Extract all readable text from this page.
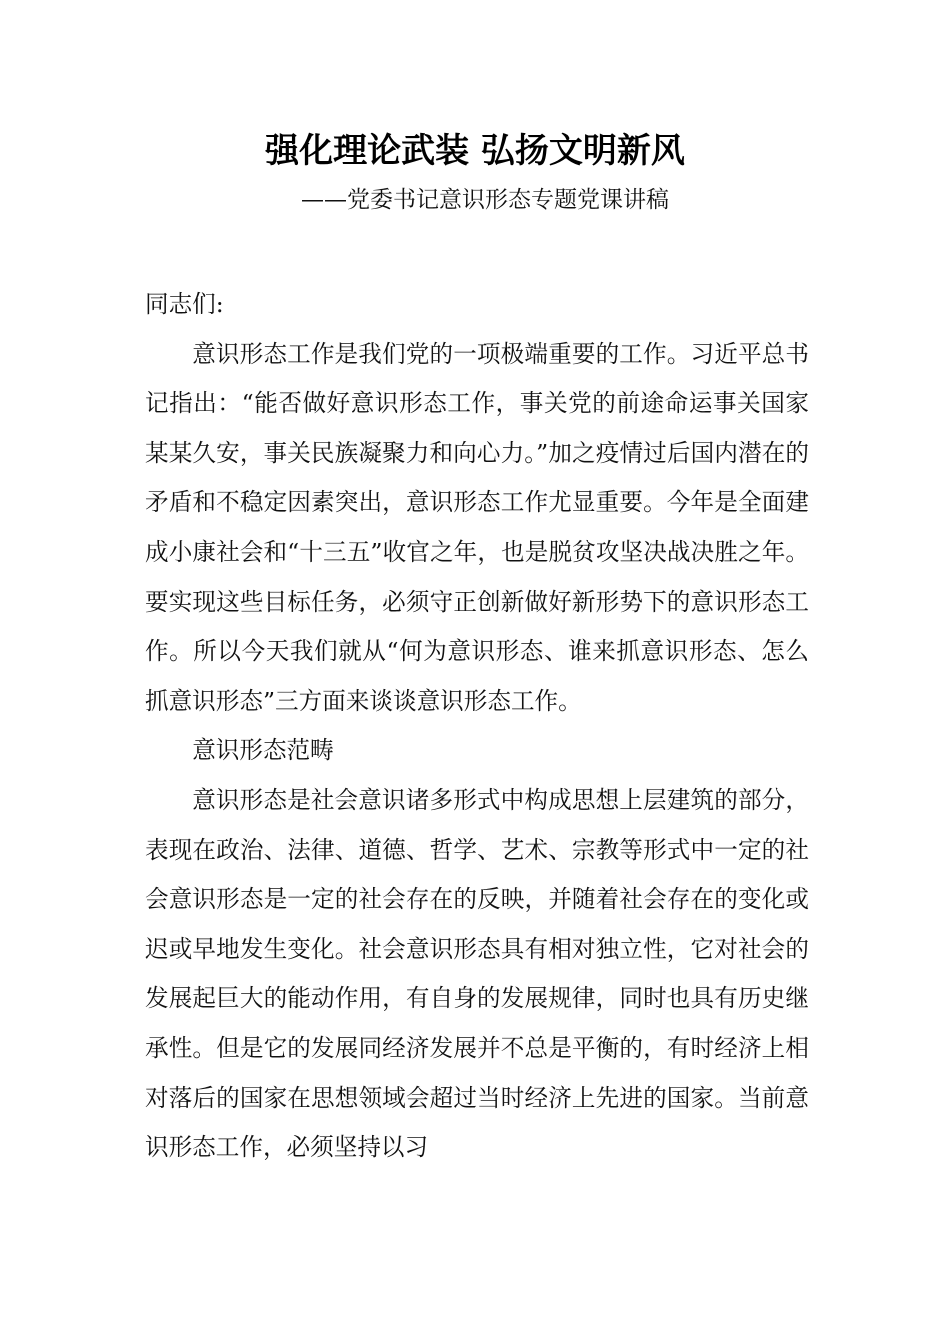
强化理论武装 弘扬文明新风

——党委书记意识形态专题党课讲稿

同志们:

意识形态工作是我们党的一项极端重要的工作。习近平总书记指出：“能否做好意识形态工作，事关党的前途命运事关国家某某久安，事关民族凝聚力和向心力。”加之疫情过后国内潜在的矛盾和不稳定因素突出，意识形态工作尤显重要。今年是全面建成小康社会和“十三五”收官之年，也是脱贫攻坚决战决胜之年。要实现这些目标任务，必须守正创新做好新形势下的意识形态工作。所以今天我们就从“何为意识形态、谁来抓意识形态、怎么抓意识形态”三方面来谈谈意识形态工作。

意识形态范畴

意识形态是社会意识诸多形式中构成思想上层建筑的部分，表现在政治、法律、道德、哲学、艺术、宗教等形式中一定的社会意识形态是一定的社会存在的反映，并随着社会存在的变化或迟或早地发生变化。社会意识形态具有相对独立性，它对社会的发展起巨大的能动作用，有自身的发展规律，同时也具有历史继承性。但是它的发展同经济发展并不总是平衡的，有时经济上相对落后的国家在思想领域会超过当时经济上先进的国家。当前意识形态工作，必须坚持以习
